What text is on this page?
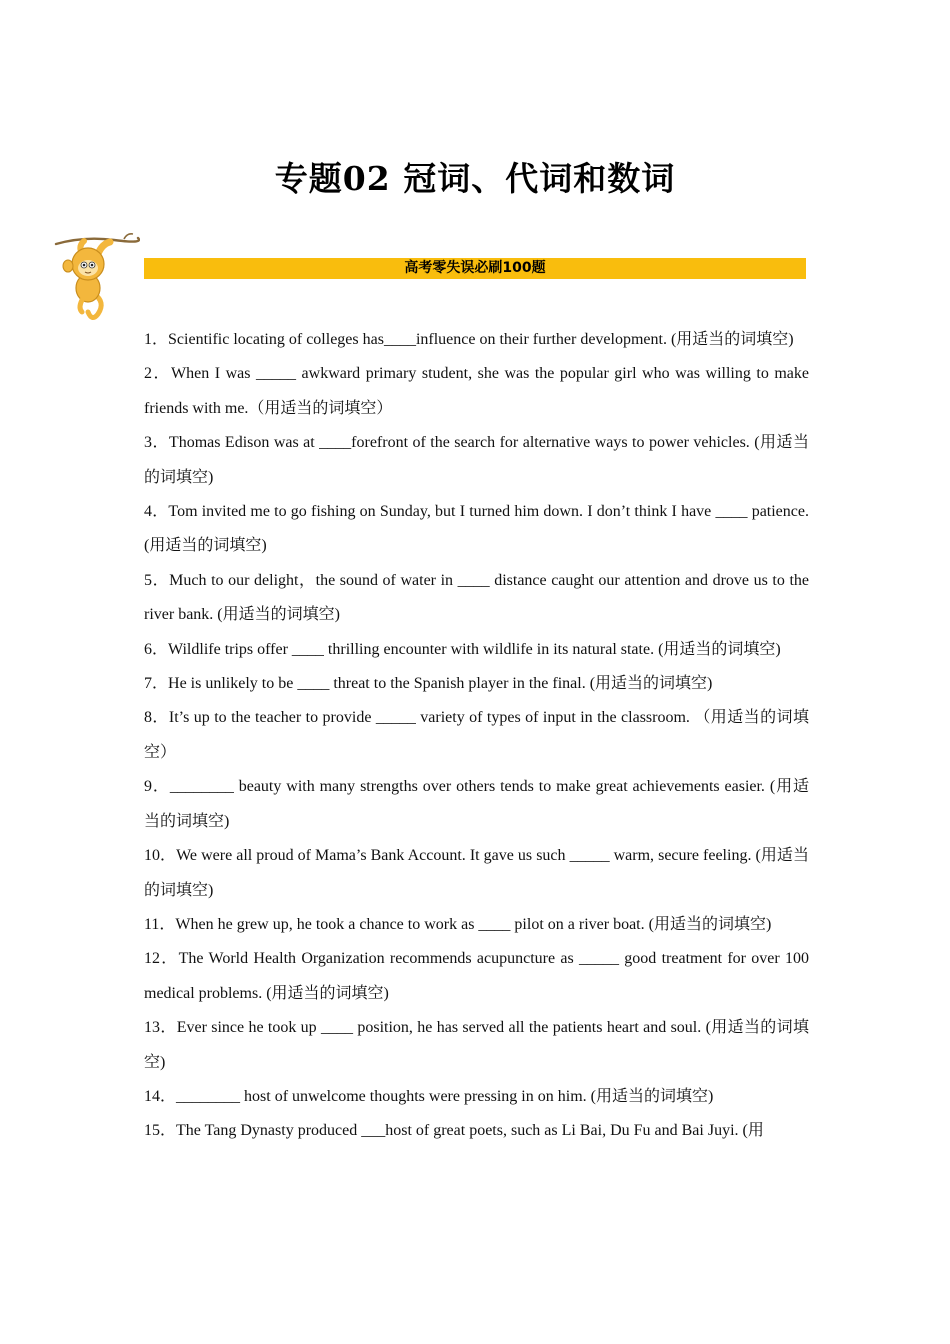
专题02 冠词、代词和数词
高考零失误必刷100题
1．Scientific locating of colleges has____influence on their further development. (用适当的词填空)
2．When I was _____ awkward primary student, she was the popular girl who was willing to make friends with me.（用适当的词填空）
3．Thomas Edison was at ____forefront of the search for alternative ways to power vehicles. (用适当的词填空)
4．Tom invited me to go fishing on Sunday, but I turned him down. I don’t think I have ____ patience. (用适当的词填空)
5．Much to our delight，the sound of water in ____ distance caught our attention and drove us to the river bank. (用适当的词填空)
6．Wildlife trips offer ____ thrilling encounter with wildlife in its natural state. (用适当的词填空)
7．He is unlikely to be ____ threat to the Spanish player in the final. (用适当的词填空)
8．It’s up to the teacher to provide _____ variety of types of input in the classroom. （用适当的词填空）
9．________ beauty with many strengths over others tends to make great achievements easier. (用适当的词填空)
10．We were all proud of Mama’s Bank Account. It gave us such _____ warm, secure feeling. (用适当的词填空)
11．When he grew up, he took a chance to work as ____ pilot on a river boat. (用适当的词填空)
12．The World Health Organization recommends acupuncture as _____ good treatment for over 100 medical problems. (用适当的词填空)
13．Ever since he took up ____ position, he has served all the patients heart and soul. (用适当的词填空)
14．________ host of unwelcome thoughts were pressing in on him. (用适当的词填空)
15．The Tang Dynasty produced ___host of great poets, such as Li Bai, Du Fu and Bai Juyi. (用
